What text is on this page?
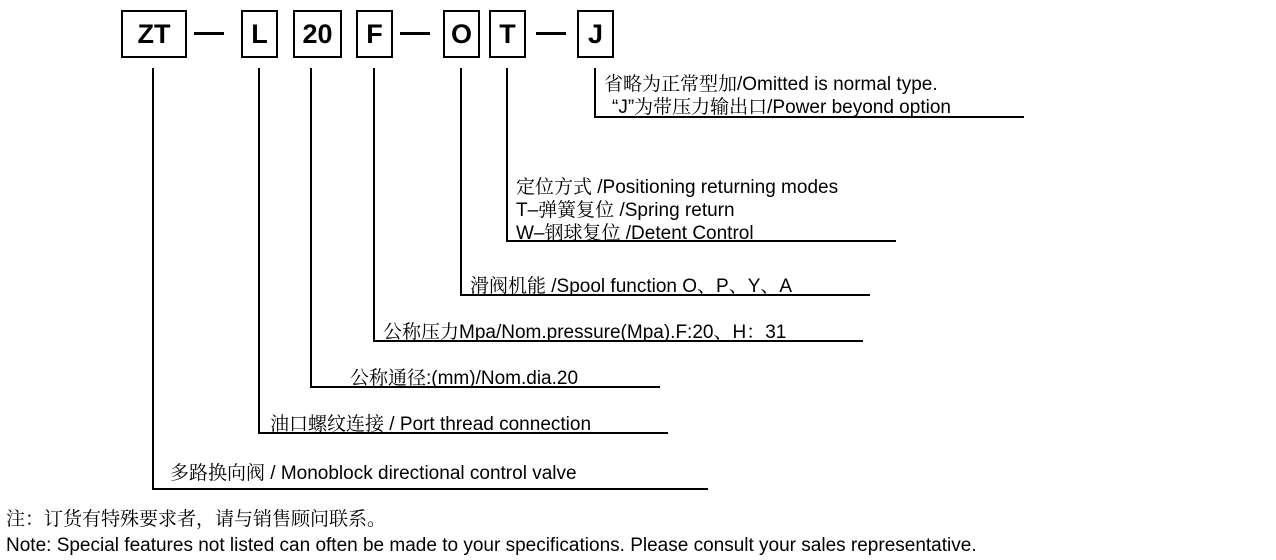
ZT	L	20	F	O	T	J
省略为正常型加/Omitted is normal type.
“J”为带压力输出口/Power beyond option
定位方式 /Positioning returning modes
T–弹簧复位 /Spring return
W–钢球复位 /Detent Control
滑阀机能 /Spool function O、P、Y、A
公称压力Mpa/Nom.pressure(Mpa).F:20、H：31
公称通径:(mm)/Nom.dia.20
油口螺纹连接 / Port thread connection
多路换向阀 / Monoblock directional control valve
注：订货有特殊要求者，请与销售顾问联系。
Note: Special features not listed can often be made to your specifications. Please consult your sales representative.
